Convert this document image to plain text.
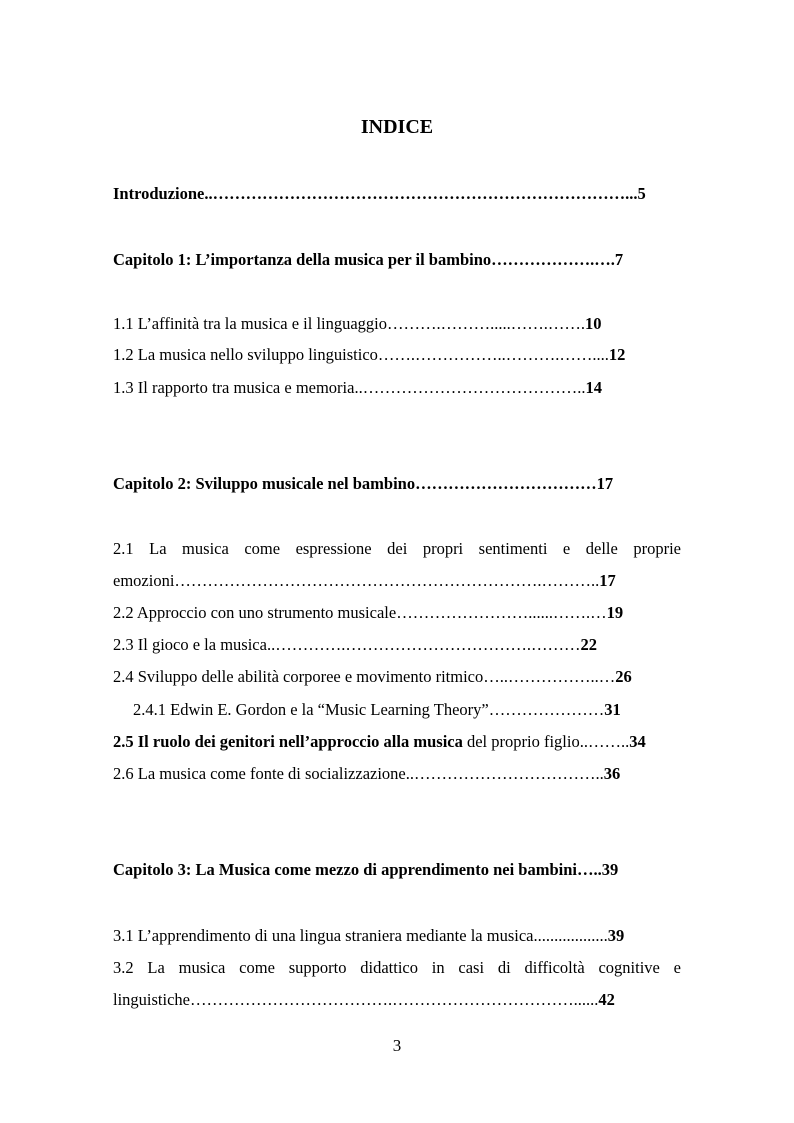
INDICE
Introduzione..…………………………………………………………………...5
Capitolo 1: L’importanza della musica per il bambino……………….….7
1.1 L’affinità tra la musica e il linguaggio……….……….....…….…….10
1.2 La musica nello sviluppo linguistico…….……………..……….……....12
1.3 Il rapporto tra musica e memoria..…………………………………..14
Capitolo 2: Sviluppo musicale nel bambino……………………………17
2.1 La musica come espressione dei propri sentimenti e delle proprie
emozioni………………………………………………………….………..17
2.2 Approccio con uno strumento musicale……………………......…….…19
2.3 Il gioco e la musica..………….…………………………….………22
2.4 Sviluppo delle abilità corporee e movimento ritmico…..……………..…26
2.4.1 Edwin E. Gordon e la “Music Learning Theory”…………………31
2.5 Il ruolo dei genitori nell’approccio alla musica del proprio figlio..……..34
2.6 La musica come fonte di socializzazione..……………………………..36
Capitolo 3: La Musica come mezzo di apprendimento nei bambini…..39
3.1 L’apprendimento di una lingua straniera mediante la musica..................39
3.2 La musica come supporto didattico in casi di difficoltà cognitive e
linguistiche……………………………….……………………………......42
3
